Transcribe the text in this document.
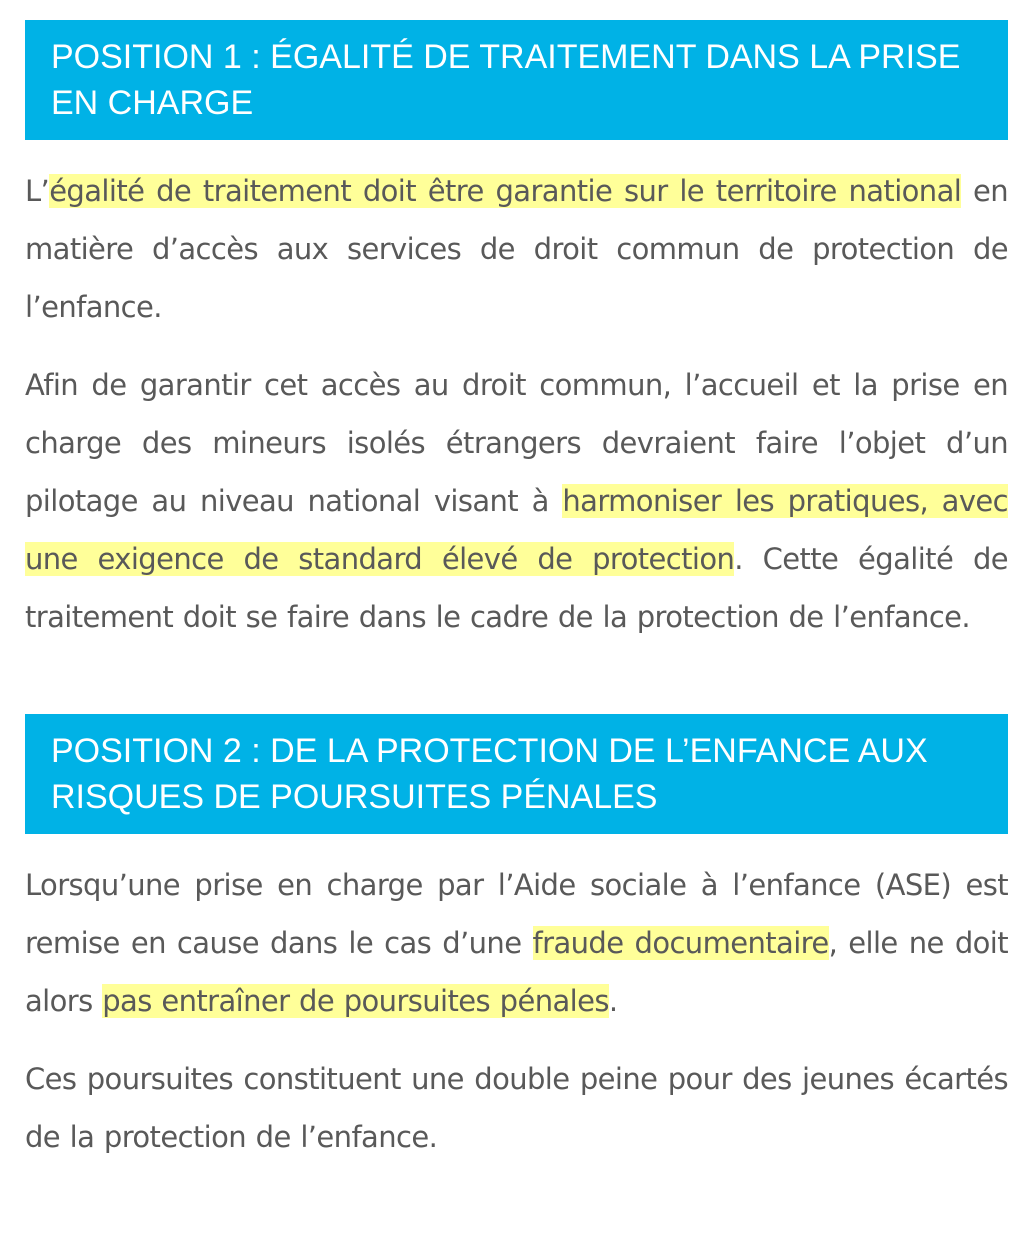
POSITION 1 : ÉGALITÉ DE TRAITEMENT DANS LA PRISE EN CHARGE

L’égalité de traitement doit être garantie sur le territoire national en matière d’accès aux services de droit commun de protection de l’enfance.

Afin de garantir cet accès au droit commun, l’accueil et la prise en charge des mineurs isolés étrangers devraient faire l’objet d’un pilotage au niveau national visant à harmoniser les pratiques, avec une exigence de standard élevé de protection. Cette égalité de traitement doit se faire dans le cadre de la protection de l’enfance.

POSITION 2 : DE LA PROTECTION DE L’ENFANCE AUX RISQUES DE POURSUITES PÉNALES

Lorsqu’une prise en charge par l’Aide sociale à l’enfance (ASE) est remise en cause dans le cas d’une fraude documentaire, elle ne doit alors pas entraîner de poursuites pénales.

Ces poursuites constituent une double peine pour des jeunes écartés de la protection de l’enfance.
